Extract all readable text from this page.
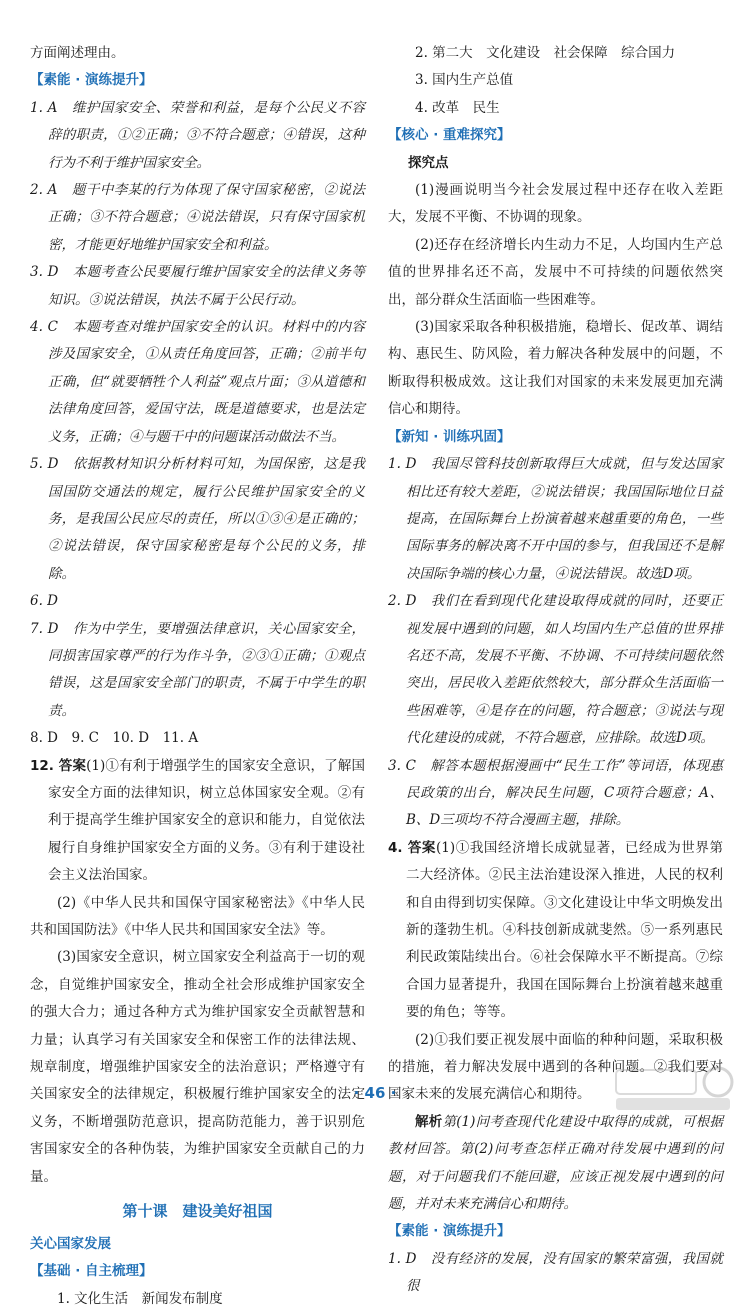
方面阐述理由。

【素能 · 演练提升】

1. A　维护国家安全、荣誉和利益，是每个公民义不容辞的职责，①②正确；③不符合题意；④错误，这种行为不利于维护国家安全。

2. A　题干中李某的行为体现了保守国家秘密，②说法正确；③不符合题意；④说法错误，只有保守国家机密，才能更好地维护国家安全和利益。

3. D　本题考查公民要履行维护国家安全的法律义务等知识。③说法错误，执法不属于公民行动。

4. C　本题考查对维护国家安全的认识。材料中的内容涉及国家安全，①从责任角度回答，正确；②前半句正确，但“就要牺牲个人利益”观点片面；③从道德和法律角度回答，爱国守法，既是道德要求，也是法定义务，正确；④与题干中的问题谋活动做法不当。

5. D　依据教材知识分析材料可知，为国保密，这是我国国防交通法的规定，履行公民维护国家安全的义务，是我国公民应尽的责任，所以①③④是正确的；②说法错误，保守国家秘密是每个公民的义务，排除。

6. D

7. D　作为中学生，要增强法律意识，关心国家安全，同损害国家尊严的行为作斗争，②③①正确；①观点错误，这是国家安全部门的职责，不属于中学生的职责。

8. D　9. C　10. D　11. A

12. 答案(1)①有利于增强学生的国家安全意识，了解国家安全方面的法律知识，树立总体国家安全观。②有利于提高学生维护国家安全的意识和能力，自觉依法履行自身维护国家安全方面的义务。③有利于建设社会主义法治国家。

(2)《中华人民共和国保守国家秘密法》《中华人民共和国国防法》《中华人民共和国国家安全法》等。

(3)国家安全意识，树立国家安全利益高于一切的观念，自觉维护国家安全，推动全社会形成维护国家安全的强大合力；通过各种方式为维护国家安全贡献智慧和力量；认真学习有关国家安全和保密工作的法律法规、规章制度，增强维护国家安全的法治意识；严格遵守有关国家安全的法律规定，积极履行维护国家安全的法定义务，不断增强防范意识，提高防范能力，善于识别危害国家安全的各种伪装，为维护国家安全贡献自己的力量。

第十课　建设美好祖国

关心国家发展

【基础 · 自主梳理】

1. 文化生活　新闻发布制度

2. 第二大　文化建设　社会保障　综合国力

3. 国内生产总值

4. 改革　民生

【核心 · 重难探究】

探究点

(1)漫画说明当今社会发展过程中还存在收入差距大，发展不平衡、不协调的现象。

(2)还存在经济增长内生动力不足，人均国内生产总值的世界排名还不高，发展中不可持续的问题依然突出，部分群众生活面临一些困难等。

(3)国家采取各种积极措施，稳增长、促改革、调结构、惠民生、防风险，着力解决各种发展中的问题，不断取得积极成效。这让我们对国家的未来发展更加充满信心和期待。

【新知 · 训练巩固】

1. D　我国尽管科技创新取得巨大成就，但与发达国家相比还有较大差距，②说法错误；我国国际地位日益提高，在国际舞台上扮演着越来越重要的角色，一些国际事务的解决离不开中国的参与，但我国还不是解决国际争端的核心力量，④说法错误。故选D项。

2. D　我们在看到现代化建设取得成就的同时，还要正视发展中遇到的问题，如人均国内生产总值的世界排名还不高，发展不平衡、不协调、不可持续问题依然突出，居民收入差距依然较大，部分群众生活面临一些困难等，④是存在的问题，符合题意；③说法与现代化建设的成就，不符合题意，应排除。故选D项。

3. C　解答本题根据漫画中“民生工作”等词语，体现惠民政策的出台，解决民生问题，C项符合题意；A、B、D三项均不符合漫画主题，排除。

4. 答案(1)①我国经济增长成就显著，已经成为世界第二大经济体。②民主法治建设深入推进，人民的权利和自由得到切实保障。③文化建设让中华文明焕发出新的蓬勃生机。④科技创新成就斐然。⑤一系列惠民利民政策陆续出台。⑥社会保障水平不断提高。⑦综合国力显著提升，我国在国际舞台上扮演着越来越重要的角色；等等。

(2)①我们要正视发展中面临的种种问题，采取积极的措施，着力解决发展中遇到的各种问题。②我们要对国家未来的发展充满信心和期待。

解析第(1)问考查现代化建设中取得的成就，可根据教材回答。第(2)问考查怎样正确对待发展中遇到的问题，对于问题我们不能回避，应该正视发展中遇到的问题，并对未来充满信心和期待。

【素能 · 演练提升】

1. D　没有经济的发展，没有国家的繁荣富强，我国就很

· 46 ·
